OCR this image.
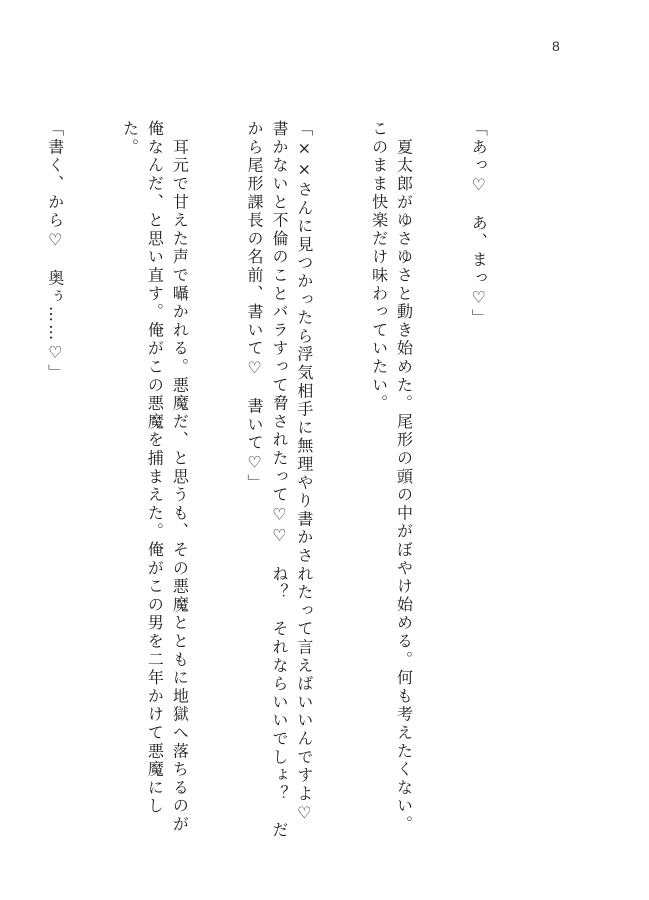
8

「あっ♡　あ、まっ♡」

　夏太郎がゆさゆさと動き始めた。尾形の頭の中がぼやけ始める。何も考えたくない。このまま快楽だけ味わっていたい。

「××さんに見つかったら浮気相手に無理やり書かされたって言えばいいんですよ♡　書かないと不倫のことバラすって脅されたって♡♡　ね？　それならいいでしょ？　だから尾形課長の名前、書いて♡　書いて♡」

　耳元で甘えた声で囁かれる。悪魔だ、と思うも、その悪魔とともに地獄へ落ちるのが俺なんだ、と思い直す。俺がこの悪魔を捕まえた。俺がこの男を二年かけて悪魔にした。

「書く、から♡　奥ぅ……♡」
